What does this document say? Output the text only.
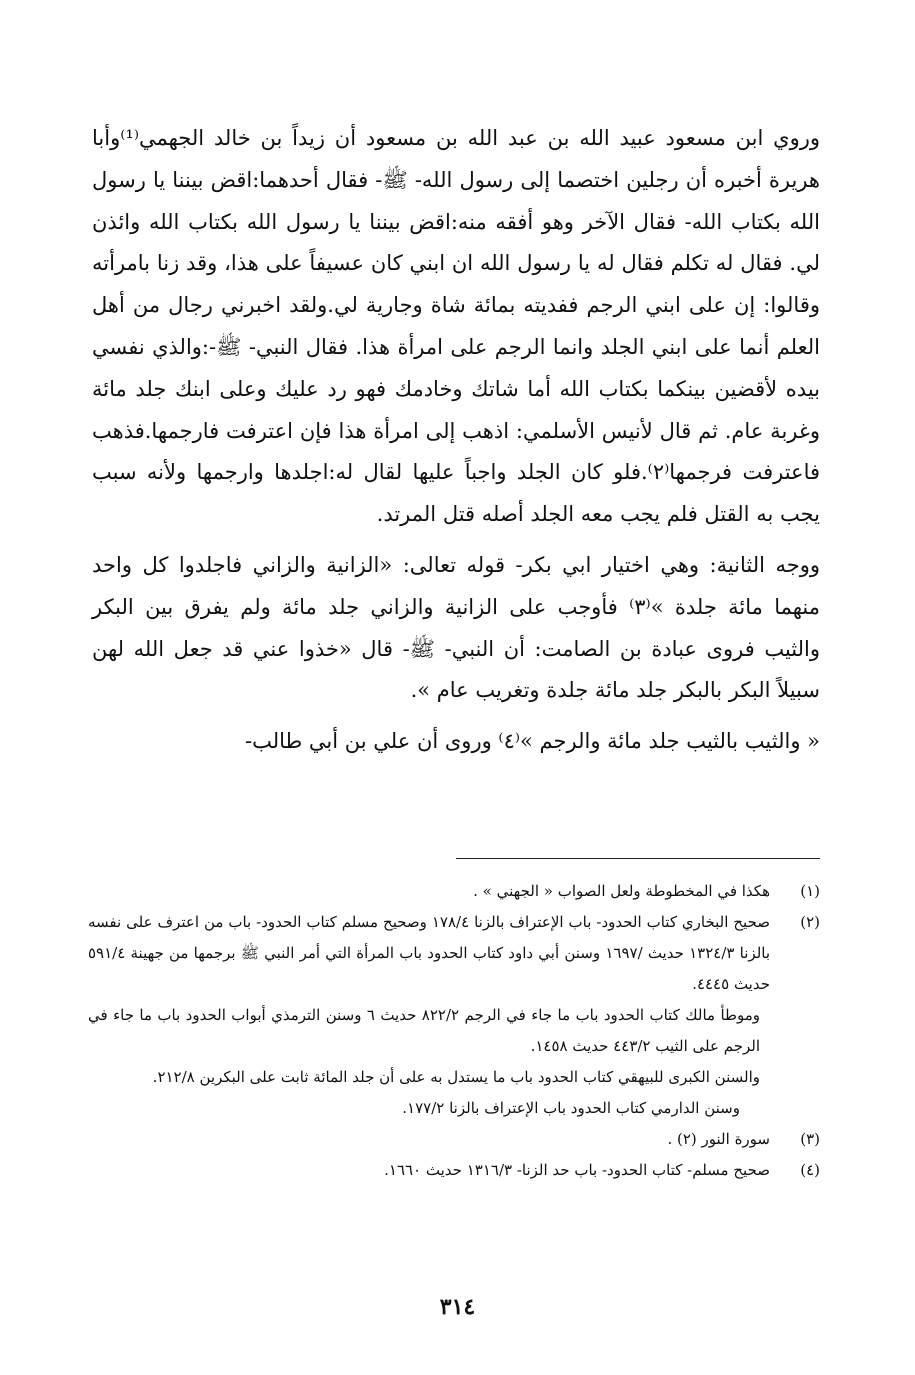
وروي ابن مسعود عبيد الله بن عبد الله بن مسعود أن زيداً بن خالد الجهمي⁽¹⁾وأبا هريرة أخبره أن رجلين اختصما إلى رسول الله- ﷺ- فقال أحدهما:اقض بيننا يا رسول الله بكتاب الله- فقال الآخر وهو أفقه منه:اقض بيننا يا رسول الله بكتاب الله وائذن لي. فقال له تكلم فقال له يا رسول الله ان ابني كان عسيفاً على هذا، وقد زنا بامرأته وقالوا: إن على ابني الرجم ففديته بمائة شاة وجارية لي.ولقد اخبرني رجال من أهل العلم أنما على ابني الجلد وانما الرجم على امرأة هذا. فقال النبي- ﷺ-:والذي نفسي بيده لأقضين بينكما بكتاب الله أما شاتك وخادمك فهو رد عليك وعلى ابنك جلد مائة وغربة عام. ثم قال لأنيس الأسلمي: اذهب إلى امرأة هذا فإن اعترفت فارجمها.فذهب فاعترفت فرجمها⁽٢⁾.فلو كان الجلد واجباً عليها لقال له:اجلدها وارجمها ولأنه سبب يجب به القتل فلم يجب معه الجلد أصله قتل المرتد.

ووجه الثانية: وهي اختيار ابي بكر- قوله تعالى: «الزانية والزاني فاجلدوا كل واحد منهما مائة جلدة »⁽٣⁾ فأوجب على الزانية والزاني جلد مائة ولم يفرق بين البكر والثيب فروى عبادة بن الصامت: أن النبي- ﷺ- قال «خذوا عني قد جعل الله لهن سبيلاً البكر بالبكر جلد مائة جلدة وتغريب عام ».

« والثيب بالثيب جلد مائة والرجم »⁽٤⁾ وروى أن علي بن أبي طالب-

(١)
هكذا في المخطوطة ولعل الصواب « الجهني » .
(٢)
صحيح البخاري كتاب الحدود- باب الإعتراف بالزنا ١٧٨/٤ وصحيح مسلم كتاب الحدود- باب من اعترف على نفسه بالزنا ١٣٢٤/٣ حديث /١٦٩٧ وسنن أبي داود كتاب الحدود باب المرأة التي أمر النبي ﷺ برجمها من جهينة ٥٩١/٤ حديث ٤٤٤٥.
وموطأ مالك كتاب الحدود باب ما جاء في الرجم ٨٢٢/٢ حديث ٦ وسنن الترمذي أبواب الحدود باب ما جاء في الرجم على الثيب ٤٤٣/٢ حديث ١٤٥٨.
والسنن الكبرى للبيهقي كتاب الحدود باب ما يستدل به على أن جلد المائة ثابت على البكرين ٢١٢/٨.
وسنن الدارمي كتاب الحدود باب الإعتراف بالزنا ١٧٧/٢.
(٣)
سورة النور (٢) .
(٤)
صحيح مسلم- كتاب الحدود- باب حد الزنا- ١٣١٦/٣ حديث ١٦٦٠.
٣١٤
